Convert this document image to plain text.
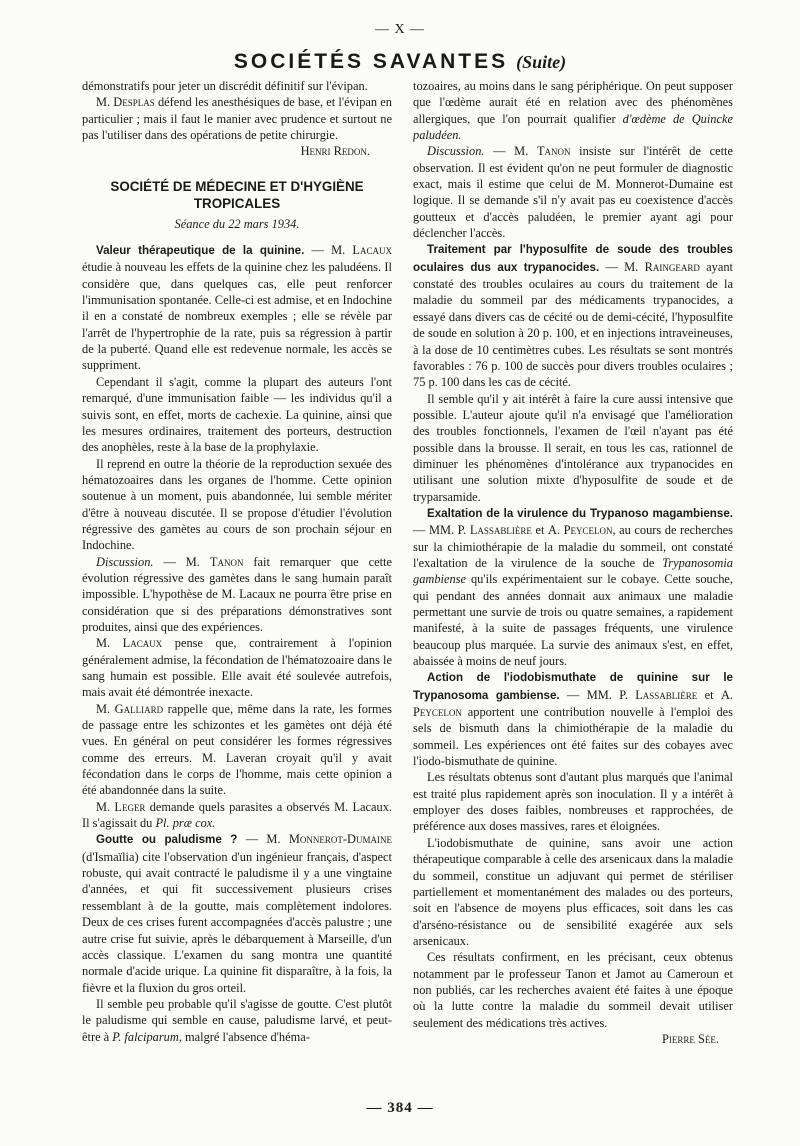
— X —
SOCIÉTÉS SAVANTES (Suite)

démonstratifs pour jeter un discrédit définitif sur l'évipan.

M. Desplas défend les anesthésiques de base, et l'évipan en particulier ; mais il faut le manier avec prudence et surtout ne pas l'utiliser dans des opérations de petite chirurgie.

Henri Redon.
SOCIÉTÉ DE MÉDECINE ET D'HYGIÈNE TROPICALES
Séance du 22 mars 1934.

Valeur thérapeutique de la quinine. — M. Lacaux étudie à nouveau les effets de la quinine chez les paludéens. Il considère que, dans quelques cas, elle peut renforcer l'immunisation spontanée. Celle-ci est admise, et en Indochine il en a constaté de nombreux exemples ; elle se révèle par l'arrêt de l'hypertrophie de la rate, puis sa régression à partir de la puberté. Quand elle est redevenue normale, les accès se suppriment.

Cependant il s'agit, comme la plupart des auteurs l'ont remarqué, d'une immunisation faible — les individus qu'il a suivis sont, en effet, morts de cachexie. La quinine, ainsi que les mesures ordinaires, traitement des porteurs, destruction des anophèles, reste à la base de la prophylaxie.

Il reprend en outre la théorie de la reproduction sexuée des hématozoaires dans les organes de l'homme. Cette opinion soutenue à un moment, puis abandonnée, lui semble mériter d'être à nouveau discutée. Il se propose d'étudier l'évolution régressive des gamètes au cours de son prochain séjour en Indochine.

Discussion. — M. Tanon fait remarquer que cette évolution régressive des gamètes dans le sang humain paraît impossible. L'hypothèse de M. Lacaux ne pourra être prise en considération que si des préparations démonstratives sont produites, ainsi que des expériences.

M. Lacaux pense que, contrairement à l'opinion généralement admise, la fécondation de l'hématozoaire dans le sang humain est possible. Elle avait été soulevée autrefois, mais avait été démontrée inexacte.

M. Galliard rappelle que, même dans la rate, les formes de passage entre les schizontes et les gamètes ont déjà été vues. En général on peut considérer les formes régressives comme des erreurs. M. Laveran croyait qu'il y avait fécondation dans le corps de l'homme, mais cette opinion a été abandonnée dans la suite.

M. Leger demande quels parasites a observés M. Lacaux. Il s'agissait du Pl. præ cox.

Goutte ou paludisme ? — M. Monnerot-Dumaine (d'Ismaïlia) cite l'observation d'un ingénieur français, d'aspect robuste, qui avait contracté le paludisme il y a une vingtaine d'années, et qui fit successivement plusieurs crises ressemblant à de la goutte, mais complètement indolores. Deux de ces crises furent accompagnées d'accès palustre ; une autre crise fut suivie, après le débarquement à Marseille, d'un accès classique. L'examen du sang montra une quantité normale d'acide urique. La quinine fit disparaître, à la fois, la fièvre et la fluxion du gros orteil.

Il semble peu probable qu'il s'agisse de goutte. C'est plutôt le paludisme qui semble en cause, paludisme larvé, et peut-être à P. falciparum, malgré l'absence d'héma-

tozoaires, au moins dans le sang périphérique. On peut supposer que l'œdème aurait été en relation avec des phénomènes allergiques, que l'on pourrait qualifier d'œdème de Quincke paludéen.

Discussion. — M. Tanon insiste sur l'intérêt de cette observation. Il est évident qu'on ne peut formuler de diagnostic exact, mais il estime que celui de M. Monnerot-Dumaine est logique. Il se demande s'il n'y avait pas eu coexistence d'accès goutteux et d'accès paludéen, le premier ayant agi pour déclencher l'accès.

Traitement par l'hyposulfite de soude des troubles oculaires dus aux trypanocides. — M. Raingeard ayant constaté des troubles oculaires au cours du traitement de la maladie du sommeil par des médicaments trypanocides, a essayé dans divers cas de cécité ou de demi-cécité, l'hyposulfite de soude en solution à 20 p. 100, et en injections intraveineuses, à la dose de 10 centimètres cubes. Les résultats se sont montrés favorables : 76 p. 100 de succès pour divers troubles oculaires ; 75 p. 100 dans les cas de cécité.

Il semble qu'il y ait intérêt à faire la cure aussi intensive que possible. L'auteur ajoute qu'il n'a envisagé que l'amélioration des troubles fonctionnels, l'examen de l'œil n'ayant pas été possible dans la brousse. Il serait, en tous les cas, rationnel de diminuer les phénomènes d'intolérance aux trypanocides en utilisant une solution mixte d'hyposulfite de soude et de tryparsamide.

Exaltation de la virulence du Trypanoso magambiense. — MM. P. Lassablière et A. Peycelon, au cours de recherches sur la chimiothérapie de la maladie du sommeil, ont constaté l'exaltation de la virulence de la souche de Trypanosomia gambiense qu'ils expérimentaient sur le cobaye. Cette souche, qui pendant des années donnait aux animaux une maladie permettant une survie de trois ou quatre semaines, a rapidement manifesté, à la suite de passages fréquents, une virulence beaucoup plus marquée. La survie des animaux s'est, en effet, abaissée à moins de neuf jours.

Action de l'iodobismuthate de quinine sur le Trypanosoma gambiense. — MM. P. Lassablière et A. Peycelon apportent une contribution nouvelle à l'emploi des sels de bismuth dans la chimiothérapie de la maladie du sommeil. Les expériences ont été faites sur des cobayes avec l'iodo-bismuthate de quinine.

Les résultats obtenus sont d'autant plus marqués que l'animal est traité plus rapidement après son inoculation. Il y a intérêt à employer des doses faibles, nombreuses et rapprochées, de préférence aux doses massives, rares et éloignées.

L'iodobismuthate de quinine, sans avoir une action thérapeutique comparable à celle des arsenicaux dans la maladie du sommeil, constitue un adjuvant qui permet de stériliser partiellement et momentanément des malades ou des porteurs, soit en l'absence de moyens plus efficaces, soit dans les cas d'arséno-résistance ou de sensibilité exagérée aux sels arsenicaux.

Ces résultats confirment, en les précisant, ceux obtenus notamment par le professeur Tanon et Jamot au Cameroun et non publiés, car les recherches avaient été faites à une époque où la lutte contre la maladie du sommeil devait utiliser seulement des médications très actives.

Pierre Sée.
— 384 —
